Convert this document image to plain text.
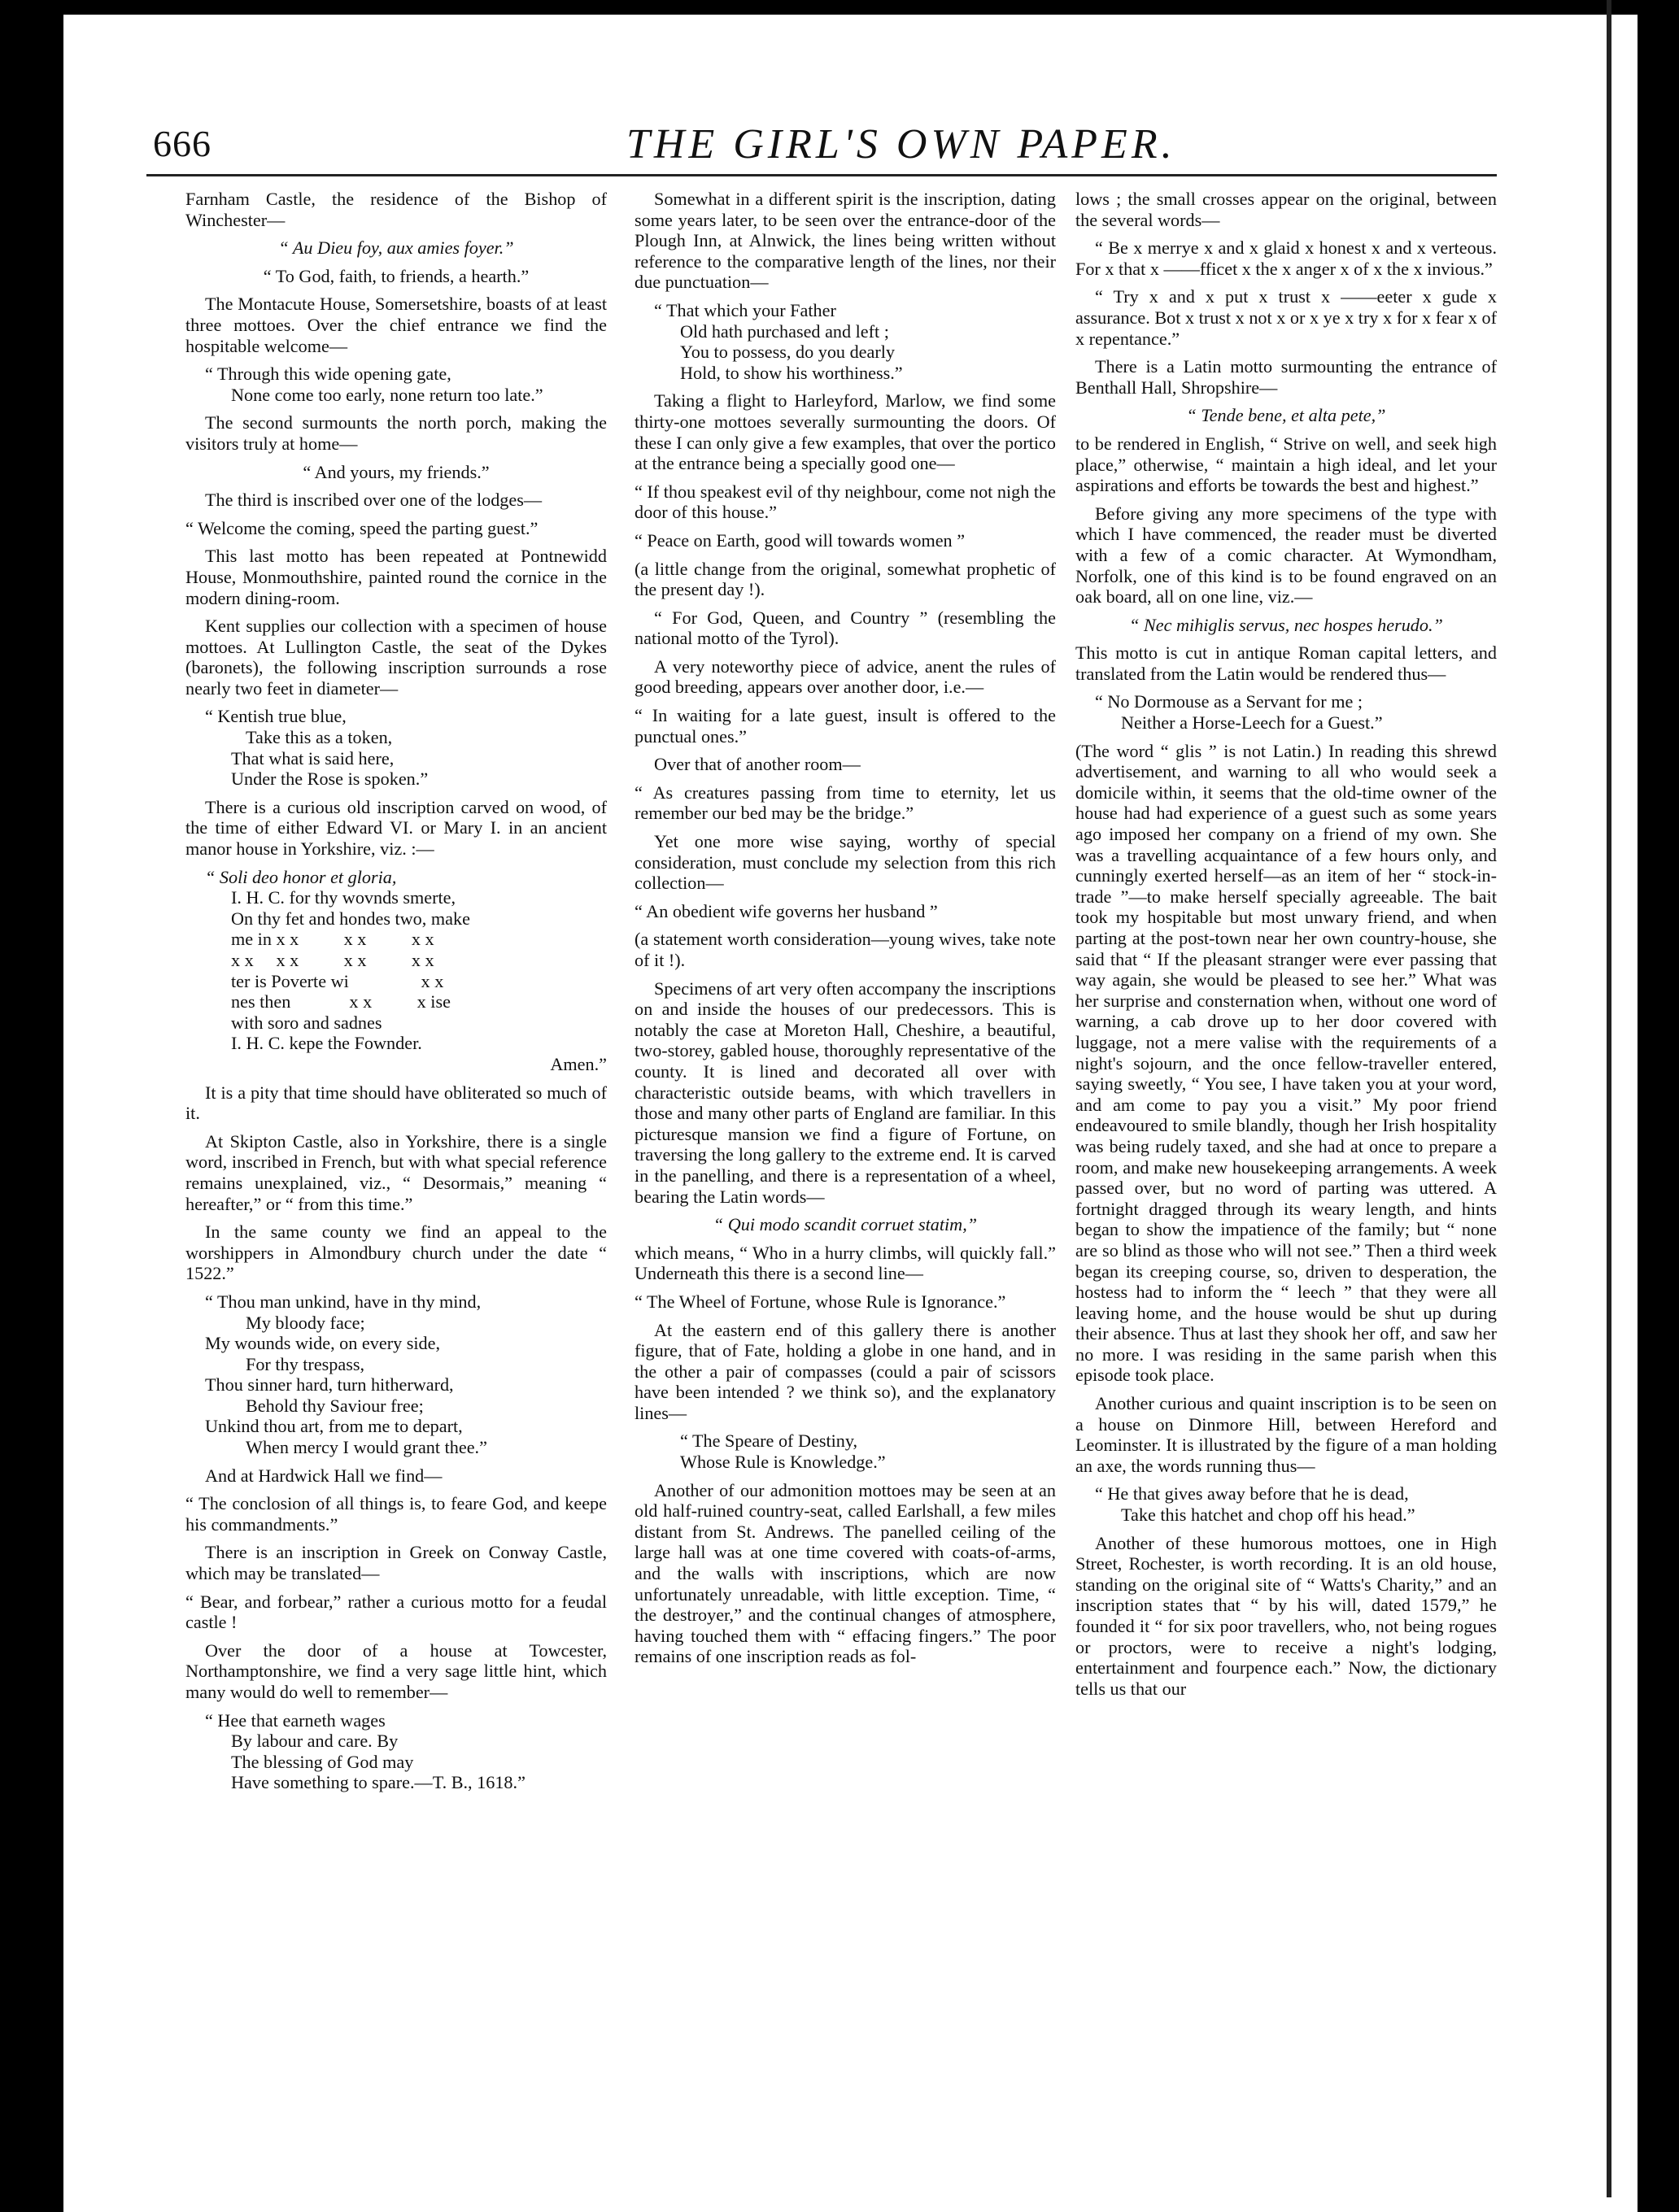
666	THE GIRL'S OWN PAPER.

Farnham Castle, the residence of the Bishop of Winchester—

“ Au Dieu foy, aux amies foyer.”

“ To God, faith, to friends, a hearth.”

The Montacute House, Somersetshire, boasts of at least three mottoes. Over the chief entrance we find the hospitable welcome—

“ Through this wide opening gate,
None come too early, none return too late.”

The second surmounts the north porch, making the visitors truly at home—

“ And yours, my friends.”

The third is inscribed over one of the lodges—

“ Welcome the coming, speed the parting guest.”

This last motto has been repeated at Pontnewidd House, Monmouthshire, painted round the cornice in the modern dining-room.

Kent supplies our collection with a specimen of house mottoes. At Lullington Castle, the seat of the Dykes (baronets), the following inscription surrounds a rose nearly two feet in diameter—

“ Kentish true blue,
Take this as a token,
That what is said here,
Under the Rose is spoken.”

There is a curious old inscription carved on wood, of the time of either Edward VI. or Mary I. in an ancient manor house in Yorkshire, viz. :—

“ Soli deo honor et gloria,
I. H. C. for thy wovnds smerte,
On thy fet and hondes two, make
me in x x          x x          x x
x x     x x          x x          x x
ter is Poverte wi                x x
nes then             x x          x ise
with soro and sadnes
I. H. C. kepe the Fownder.
Amen.”

It is a pity that time should have obliterated so much of it.

At Skipton Castle, also in Yorkshire, there is a single word, inscribed in French, but with what special reference remains unexplained, viz., “ Desormais,” meaning “ hereafter,” or “ from this time.”

In the same county we find an appeal to the worshippers in Almondbury church under the date “ 1522.”

“ Thou man unkind, have in thy mind,
My bloody face;
My wounds wide, on every side,
For thy trespass,
Thou sinner hard, turn hitherward,
Behold thy Saviour free;
Unkind thou art, from me to depart,
When mercy I would grant thee.”

And at Hardwick Hall we find—

“ The conclosion of all things is, to feare God, and keepe his commandments.”

There is an inscription in Greek on Conway Castle, which may be translated—

“ Bear, and forbear,” rather a curious motto for a feudal castle !

Over the door of a house at Towcester, Northamptonshire, we find a very sage little hint, which many would do well to remember—

“ Hee that earneth wages
By labour and care. By
The blessing of God may
Have something to spare.—T. B., 1618.”

Somewhat in a different spirit is the inscription, dating some years later, to be seen over the entrance-door of the Plough Inn, at Alnwick, the lines being written without reference to the comparative length of the lines, nor their due punctuation—

“ That which your Father
Old hath purchased and left ;
You to possess, do you dearly
Hold, to show his worthiness.”

Taking a flight to Harleyford, Marlow, we find some thirty-one mottoes severally surmounting the doors. Of these I can only give a few examples, that over the portico at the entrance being a specially good one—

“ If thou speakest evil of thy neighbour, come not nigh the door of this house.”

“ Peace on Earth, good will towards women ”

(a little change from the original, somewhat prophetic of the present day !).

“ For God, Queen, and Country ” (resembling the national motto of the Tyrol).

A very noteworthy piece of advice, anent the rules of good breeding, appears over another door, i.e.—

“ In waiting for a late guest, insult is offered to the punctual ones.”

Over that of another room—

“ As creatures passing from time to eternity, let us remember our bed may be the bridge.”

Yet one more wise saying, worthy of special consideration, must conclude my selection from this rich collection—

“ An obedient wife governs her husband ”

(a statement worth consideration—young wives, take note of it !).

Specimens of art very often accompany the inscriptions on and inside the houses of our predecessors. This is notably the case at Moreton Hall, Cheshire, a beautiful, two-storey, gabled house, thoroughly representative of the county. It is lined and decorated all over with characteristic outside beams, with which travellers in those and many other parts of England are familiar. In this picturesque mansion we find a figure of Fortune, on traversing the long gallery to the extreme end. It is carved in the panelling, and there is a representation of a wheel, bearing the Latin words—

“ Qui modo scandit corruet statim,”

which means, “ Who in a hurry climbs, will quickly fall.” Underneath this there is a second line—

“ The Wheel of Fortune, whose Rule is Ignorance.”

At the eastern end of this gallery there is another figure, that of Fate, holding a globe in one hand, and in the other a pair of compasses (could a pair of scissors have been intended ? we think so), and the explanatory lines—

“ The Speare of Destiny,
Whose Rule is Knowledge.”

Another of our admonition mottoes may be seen at an old half-ruined country-seat, called Earlshall, a few miles distant from St. Andrews. The panelled ceiling of the large hall was at one time covered with coats-of-arms, and the walls with inscriptions, which are now unfortunately unreadable, with little exception. Time, “ the destroyer,” and the continual changes of atmosphere, having touched them with “ effacing fingers.” The poor remains of one inscription reads as fol-

lows ; the small crosses appear on the original, between the several words—

“ Be x merrye x and x glaid x honest x and x verteous. For x that x ——fficet x the x anger x of x the x invious.”

“ Try x and x put x trust x ——eeter x gude x assurance. Bot x trust x not x or x ye x try x for x fear x of x repentance.”

There is a Latin motto surmounting the entrance of Benthall Hall, Shropshire—

“ Tende bene, et alta pete,”

to be rendered in English, “ Strive on well, and seek high place,” otherwise, “ maintain a high ideal, and let your aspirations and efforts be towards the best and highest.”

Before giving any more specimens of the type with which I have commenced, the reader must be diverted with a few of a comic character. At Wymondham, Norfolk, one of this kind is to be found engraved on an oak board, all on one line, viz.—

“ Nec mihiglis servus, nec hospes herudo.”

This motto is cut in antique Roman capital letters, and translated from the Latin would be rendered thus—

“ No Dormouse as a Servant for me ;
Neither a Horse-Leech for a Guest.”

(The word “ glis ” is not Latin.) In reading this shrewd advertisement, and warning to all who would seek a domicile within, it seems that the old-time owner of the house had had experience of a guest such as some years ago imposed her company on a friend of my own. She was a travelling acquaintance of a few hours only, and cunningly exerted herself—as an item of her “ stock-in-trade ”—to make herself specially agreeable. The bait took my hospitable but most unwary friend, and when parting at the post-town near her own country-house, she said that “ If the pleasant stranger were ever passing that way again, she would be pleased to see her.” What was her surprise and consternation when, without one word of warning, a cab drove up to her door covered with luggage, not a mere valise with the requirements of a night's sojourn, and the once fellow-traveller entered, saying sweetly, “ You see, I have taken you at your word, and am come to pay you a visit.” My poor friend endeavoured to smile blandly, though her Irish hospitality was being rudely taxed, and she had at once to prepare a room, and make new housekeeping arrangements. A week passed over, but no word of parting was uttered. A fortnight dragged through its weary length, and hints began to show the impatience of the family; but “ none are so blind as those who will not see.” Then a third week began its creeping course, so, driven to desperation, the hostess had to inform the “ leech ” that they were all leaving home, and the house would be shut up during their absence. Thus at last they shook her off, and saw her no more. I was residing in the same parish when this episode took place.

Another curious and quaint inscription is to be seen on a house on Dinmore Hill, between Hereford and Leominster. It is illustrated by the figure of a man holding an axe, the words running thus—

“ He that gives away before that he is dead,
Take this hatchet and chop off his head.”

Another of these humorous mottoes, one in High Street, Rochester, is worth recording. It is an old house, standing on the original site of “ Watts's Charity,” and an inscription states that “ by his will, dated 1579,” he founded it “ for six poor travellers, who, not being rogues or proctors, were to receive a night's lodging, entertainment and fourpence each.” Now, the dictionary tells us that our
